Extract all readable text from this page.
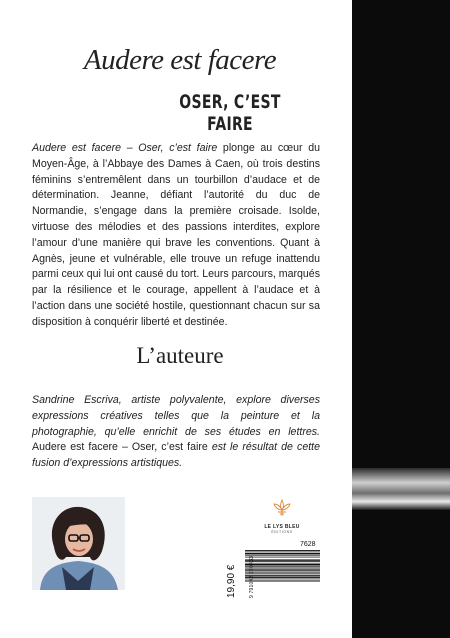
Audere est facere
OSER, C’EST FAIRE
Audere est facere – Oser, c’est faire plonge au cœur du Moyen-Âge, à l’Abbaye des Dames à Caen, où trois destins féminins s’entremêlent dans un tourbillon d’audace et de détermination. Jeanne, défiant l’autorité du duc de Normandie, s’engage dans la première croisade. Isolde, virtuose des mélodies et des passions interdites, explore l’amour d’une manière qui brave les conventions. Quant à Agnès, jeune et vulnérable, elle trouve un refuge inattendu parmi ceux qui lui ont causé du tort. Leurs parcours, marqués par la résilience et le courage, appellent à l’audace et à l’action dans une société hostile, questionnant chacun sur sa disposition à conquérir liberté et destinée.
L’auteure
Sandrine Escriva, artiste polyvalente, explore diverses expressions créatives telles que la peinture et la photographie, qu’elle enrichit de ses études en lettres. Audere est facere – Oser, c’est faire est le résultat de cette fusion d’expressions artistiques.
LE LYS BLEU
ÉDITIONS
7628
19,90 € 9 791042 220433
